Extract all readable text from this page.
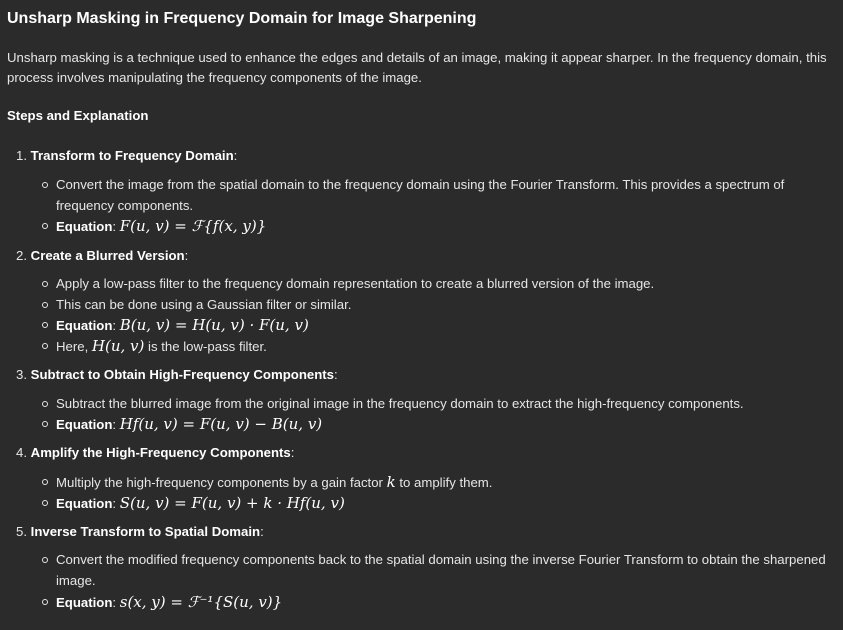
Unsharp Masking in Frequency Domain for Image Sharpening

Unsharp masking is a technique used to enhance the edges and details of an image, making it appear sharper. In the frequency domain, this process involves manipulating the frequency components of the image.

Steps and Explanation
1. Transform to Frequency Domain:
Convert the image from the spatial domain to the frequency domain using the Fourier Transform. This provides a spectrum of frequency components.
Equation: F(u, v) = ℱ{f(x, y)}
2. Create a Blurred Version:
Apply a low-pass filter to the frequency domain representation to create a blurred version of the image.
This can be done using a Gaussian filter or similar.
Equation: B(u, v) = H(u, v) · F(u, v)
Here, H(u, v) is the low-pass filter.
3. Subtract to Obtain High-Frequency Components:
Subtract the blurred image from the original image in the frequency domain to extract the high-frequency components.
Equation: Hf(u, v) = F(u, v) − B(u, v)
4. Amplify the High-Frequency Components:
Multiply the high-frequency components by a gain factor k to amplify them.
Equation: S(u, v) = F(u, v) + k · Hf(u, v)
5. Inverse Transform to Spatial Domain:
Convert the modified frequency components back to the spatial domain using the inverse Fourier Transform to obtain the sharpened image.
Equation: s(x, y) = ℱ⁻¹{S(u, v)}
